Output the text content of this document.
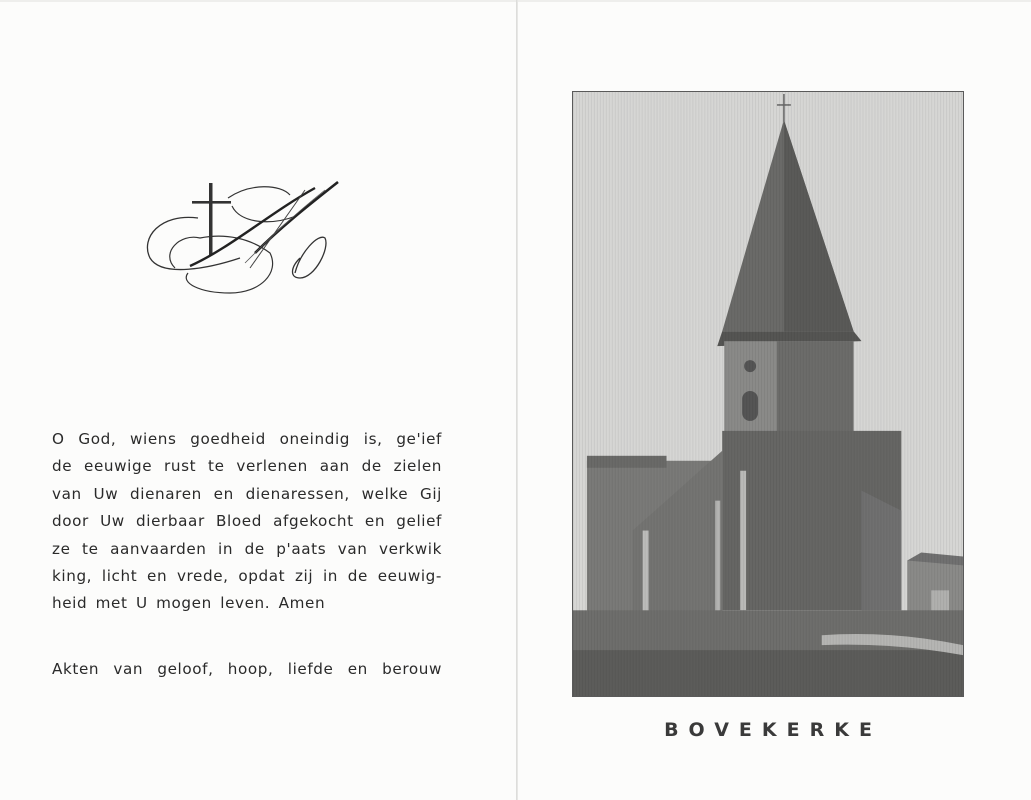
O God, wiens goedheid oneindig is, ge'ief
de eeuwige rust te verlenen aan de zielen
van Uw dienaren en dienaressen, welke Gij
door Uw dierbaar Bloed afgekocht en gelief
ze te aanvaarden in de p'aats van verkwik
king, licht en vrede, opdat zij in de eeuwig-
heid met U mogen leven. Amen
Akten van geloof, hoop, liefde en berouw
BOVEKERKE
